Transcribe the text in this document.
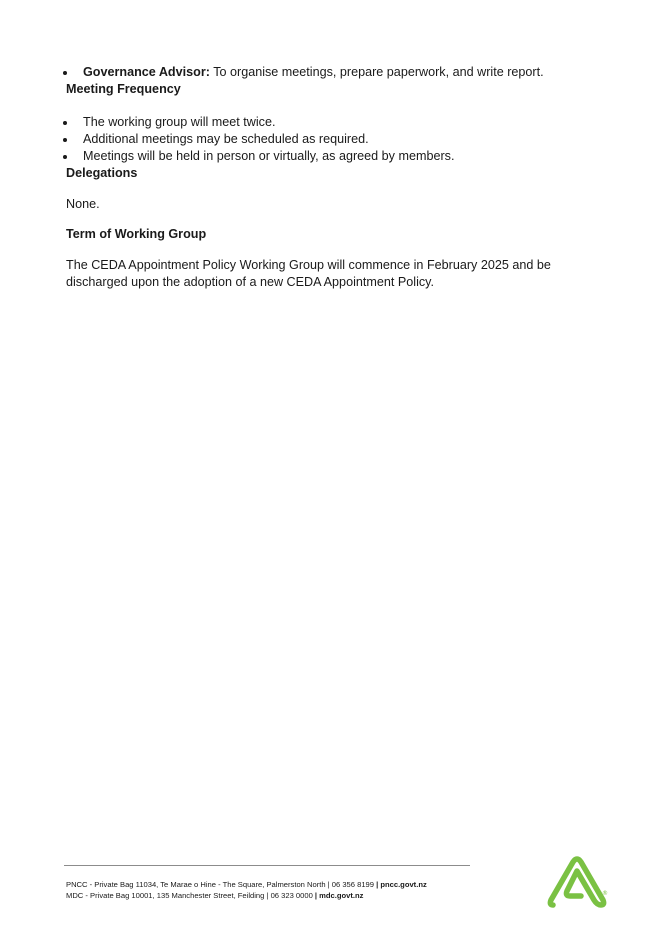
Governance Advisor: To organise meetings, prepare paperwork, and write report.
Meeting Frequency
The working group will meet twice.
Additional meetings may be scheduled as required.
Meetings will be held in person or virtually, as agreed by members.
Delegations

None.

Term of Working Group

The CEDA Appointment Policy Working Group will commence in February 2025 and be discharged upon the adoption of a new CEDA Appointment Policy.

PNCC - Private Bag 11034, Te Marae o Hine - The Square, Palmerston North | 06 356 8199 | pncc.govt.nz
MDC - Private Bag 10001, 135 Manchester Street, Feilding | 06 323 0000 | mdc.govt.nz	®
